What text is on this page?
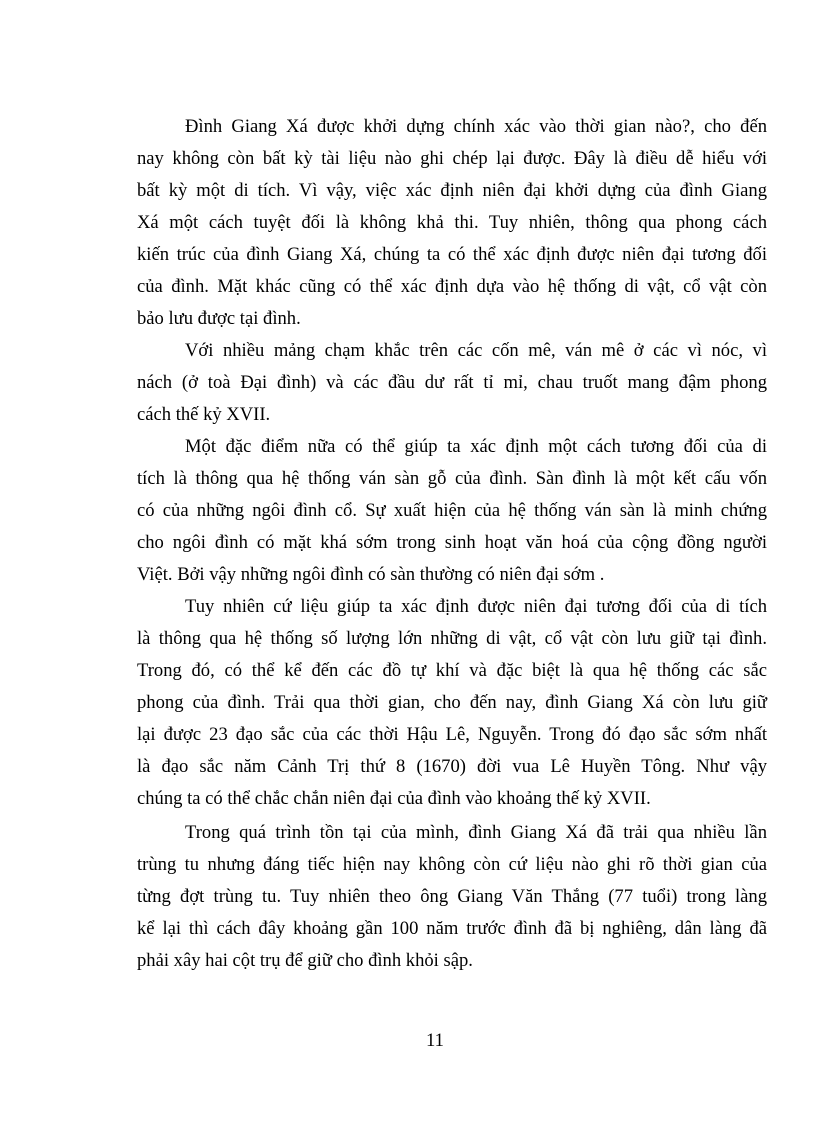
Đình Giang Xá được khởi dựng chính xác vào thời gian nào?, cho đến
nay không còn bất kỳ tài liệu nào ghi chép lại được. Đây là điều dễ hiểu với
bất kỳ một di tích. Vì vậy, việc xác định niên đại khởi dựng của đình Giang
Xá một cách tuyệt đối là không khả thi. Tuy nhiên, thông qua phong cách
kiến trúc của đình Giang Xá, chúng ta có thể xác định được niên đại tương đối
của đình. Mặt khác cũng có thể xác định dựa vào hệ thống di vật, cổ vật còn
bảo lưu được tại đình.
Với nhiều mảng chạm khắc trên các cốn mê, ván mê ở các vì nóc, vì
nách (ở toà Đại đình) và các đầu dư rất tỉ mỉ, chau truốt mang đậm phong
cách thế kỷ XVII.
Một đặc điểm nữa có thể giúp ta xác định một cách tương đối của di
tích là thông qua hệ thống ván sàn gỗ của đình. Sàn đình là một kết cấu vốn
có của những ngôi đình cổ. Sự xuất hiện của hệ thống ván sàn là minh chứng
cho ngôi đình có mặt khá sớm trong sinh hoạt văn hoá của cộng đồng người
Việt. Bởi vậy những ngôi đình có sàn thường có niên đại sớm .
Tuy nhiên cứ liệu giúp ta xác định được niên đại tương đối của di tích
là thông qua hệ thống số lượng lớn những di vật, cổ vật còn lưu giữ tại đình.
Trong đó, có thể kể đến các đồ tự khí và đặc biệt là qua hệ thống các sắc
phong của đình. Trải qua thời gian, cho đến nay, đình Giang Xá còn lưu giữ
lại được 23 đạo sắc của các thời Hậu Lê, Nguyễn. Trong đó đạo sắc sớm nhất
là đạo sắc năm Cảnh Trị thứ 8 (1670) đời vua Lê Huyền Tông. Như vậy
chúng ta có thể chắc chắn niên đại của đình vào khoảng thế kỷ XVII.
Trong quá trình tồn tại của mình, đình Giang Xá đã trải qua nhiều lần
trùng tu nhưng đáng tiếc hiện nay không còn cứ liệu nào ghi rõ thời gian của
từng đợt trùng tu. Tuy nhiên theo ông Giang Văn Thắng (77 tuổi) trong làng
kể lại thì cách đây khoảng gần 100 năm trước đình đã bị nghiêng, dân làng đã
phải xây hai cột trụ để giữ cho đình khỏi sập.
11
